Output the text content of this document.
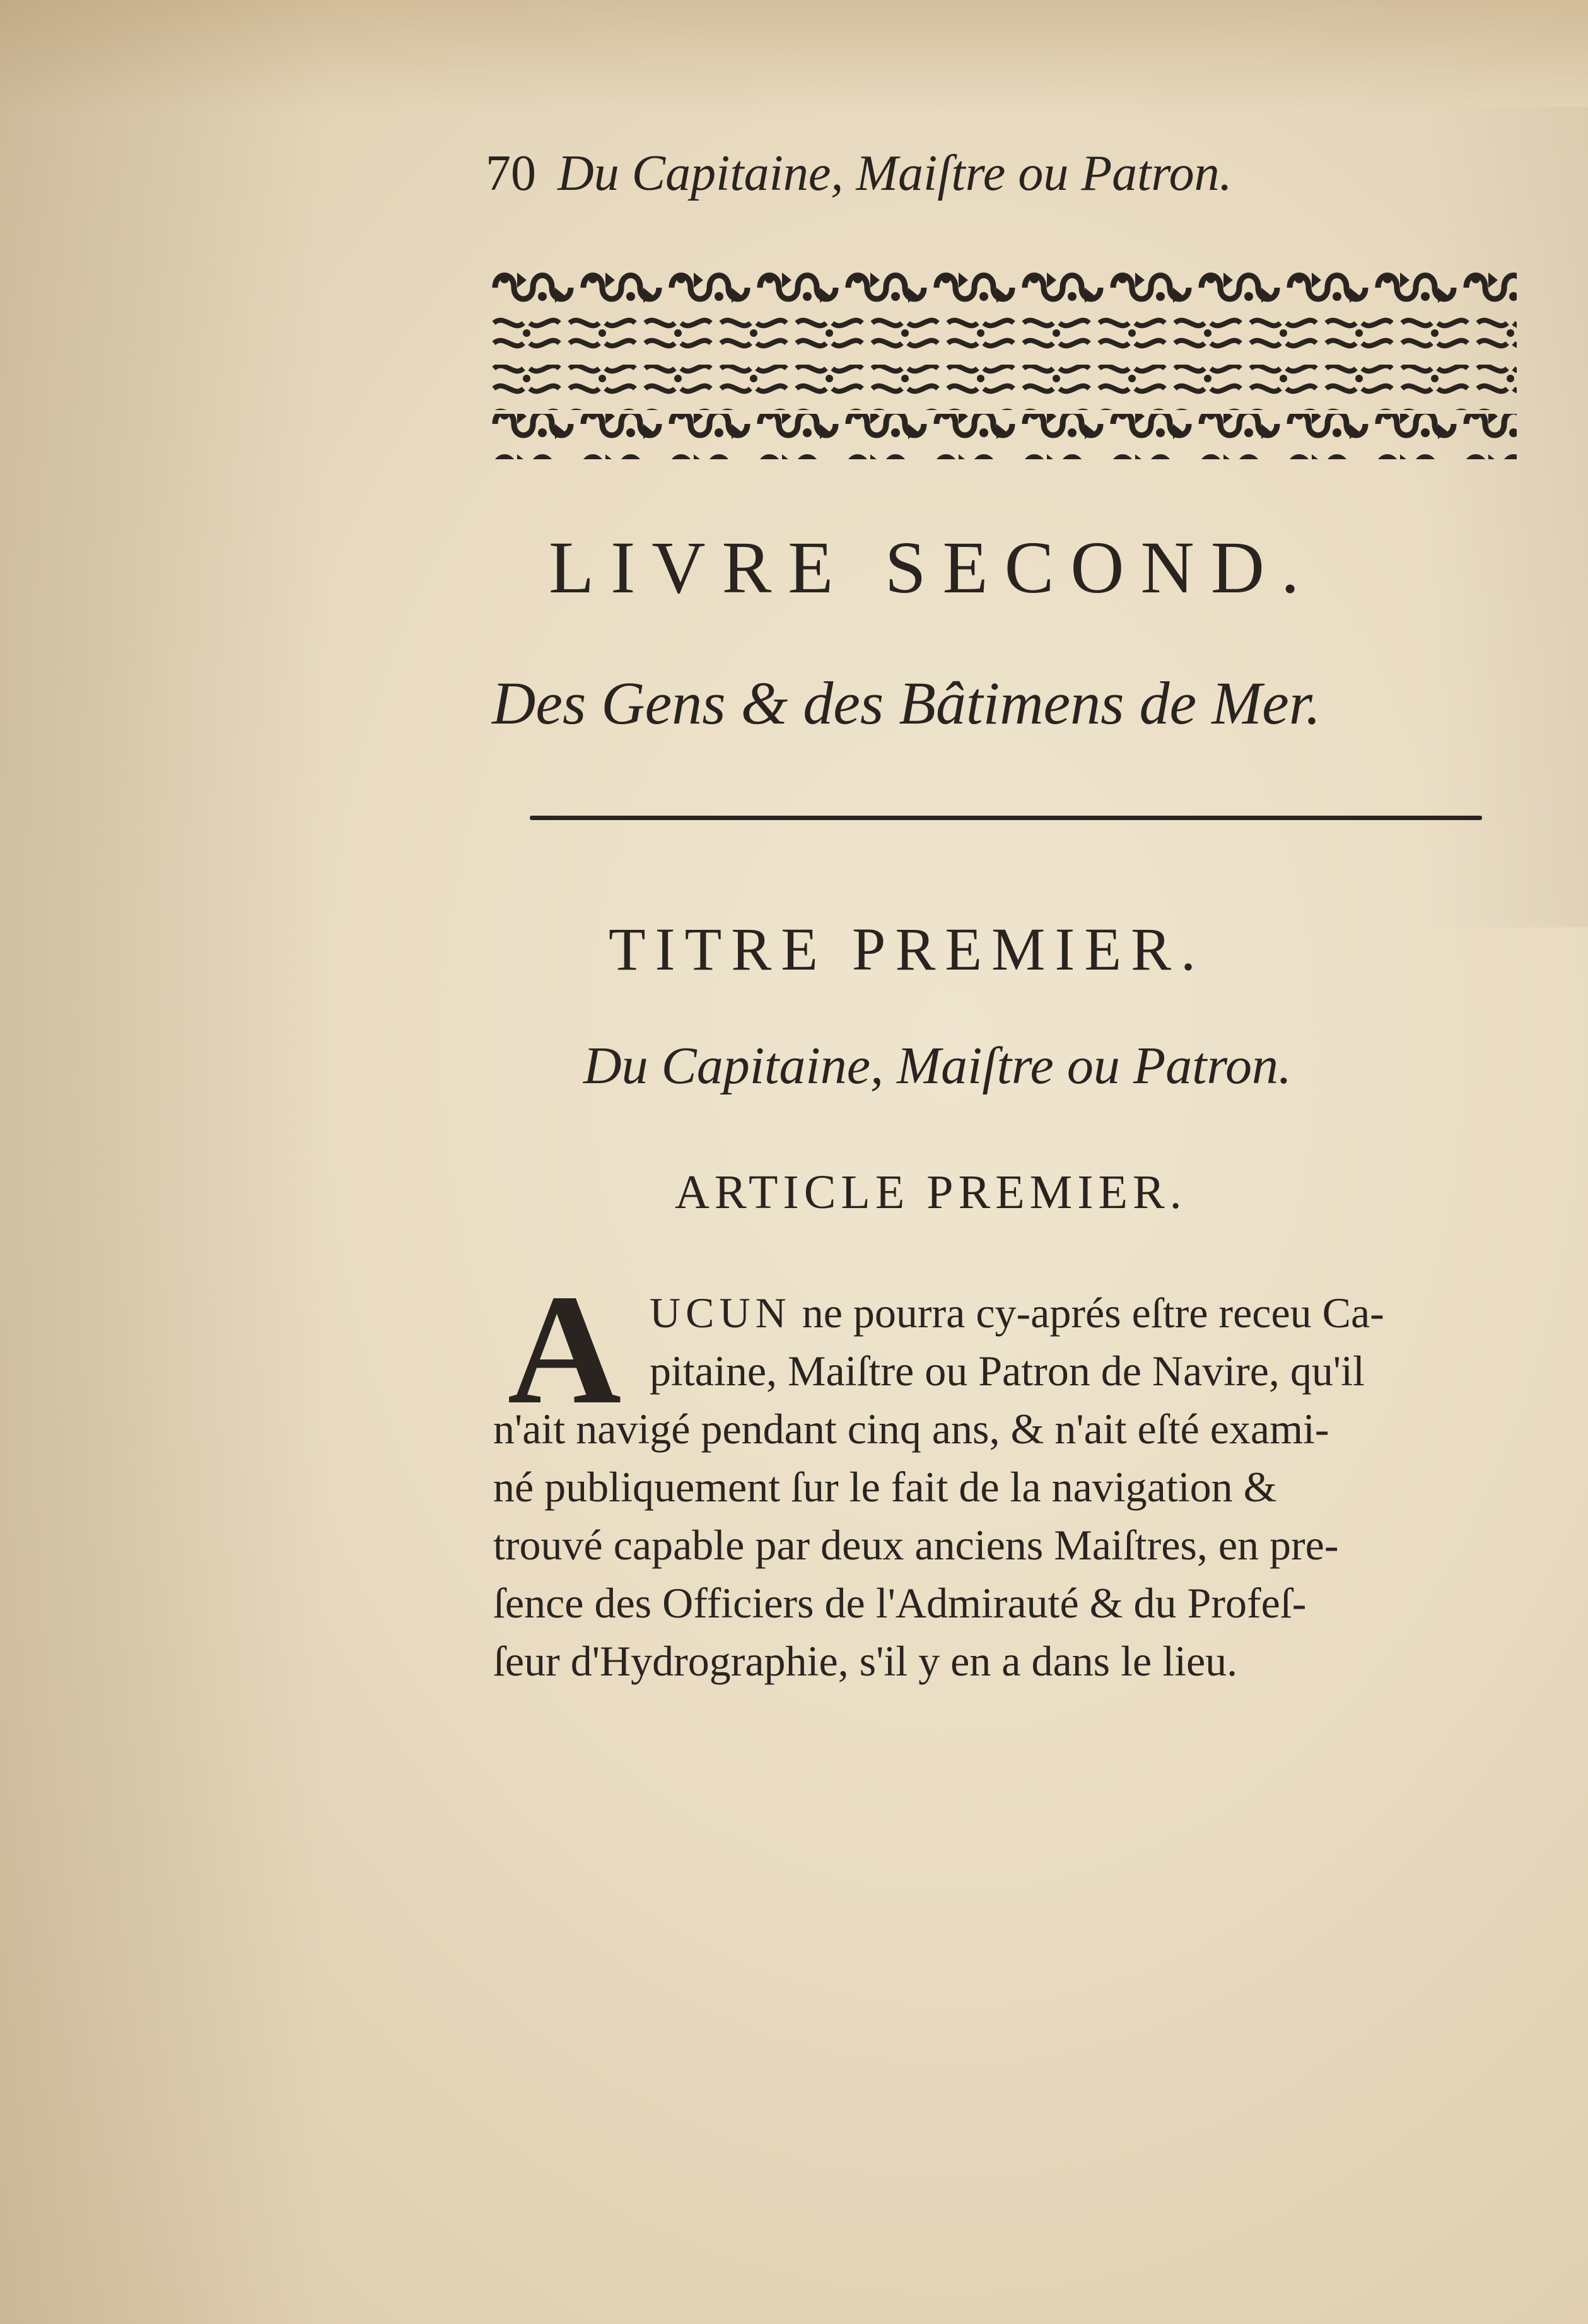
70 Du Capitaine, Maiſtre ou Patron.
LIVRE SECOND.
Des Gens & des Bâtimens de Mer.
TITRE PREMIER.
Du Capitaine, Maiſtre ou Patron.
ARTICLE PREMIER.
A UCUN ne pourra cy-aprés eſtre receu Ca-
pitaine, Maiſtre ou Patron de Navire, qu'il
n'ait navigé pendant cinq ans, & n'ait eſté exami-
né publiquement ſur le fait de la navigation &
trouvé capable par deux anciens Maiſtres, en pre-
ſence des Officiers de l'Admirauté & du Profeſ-
ſeur d'Hydrographie, s'il y en a dans le lieu.
